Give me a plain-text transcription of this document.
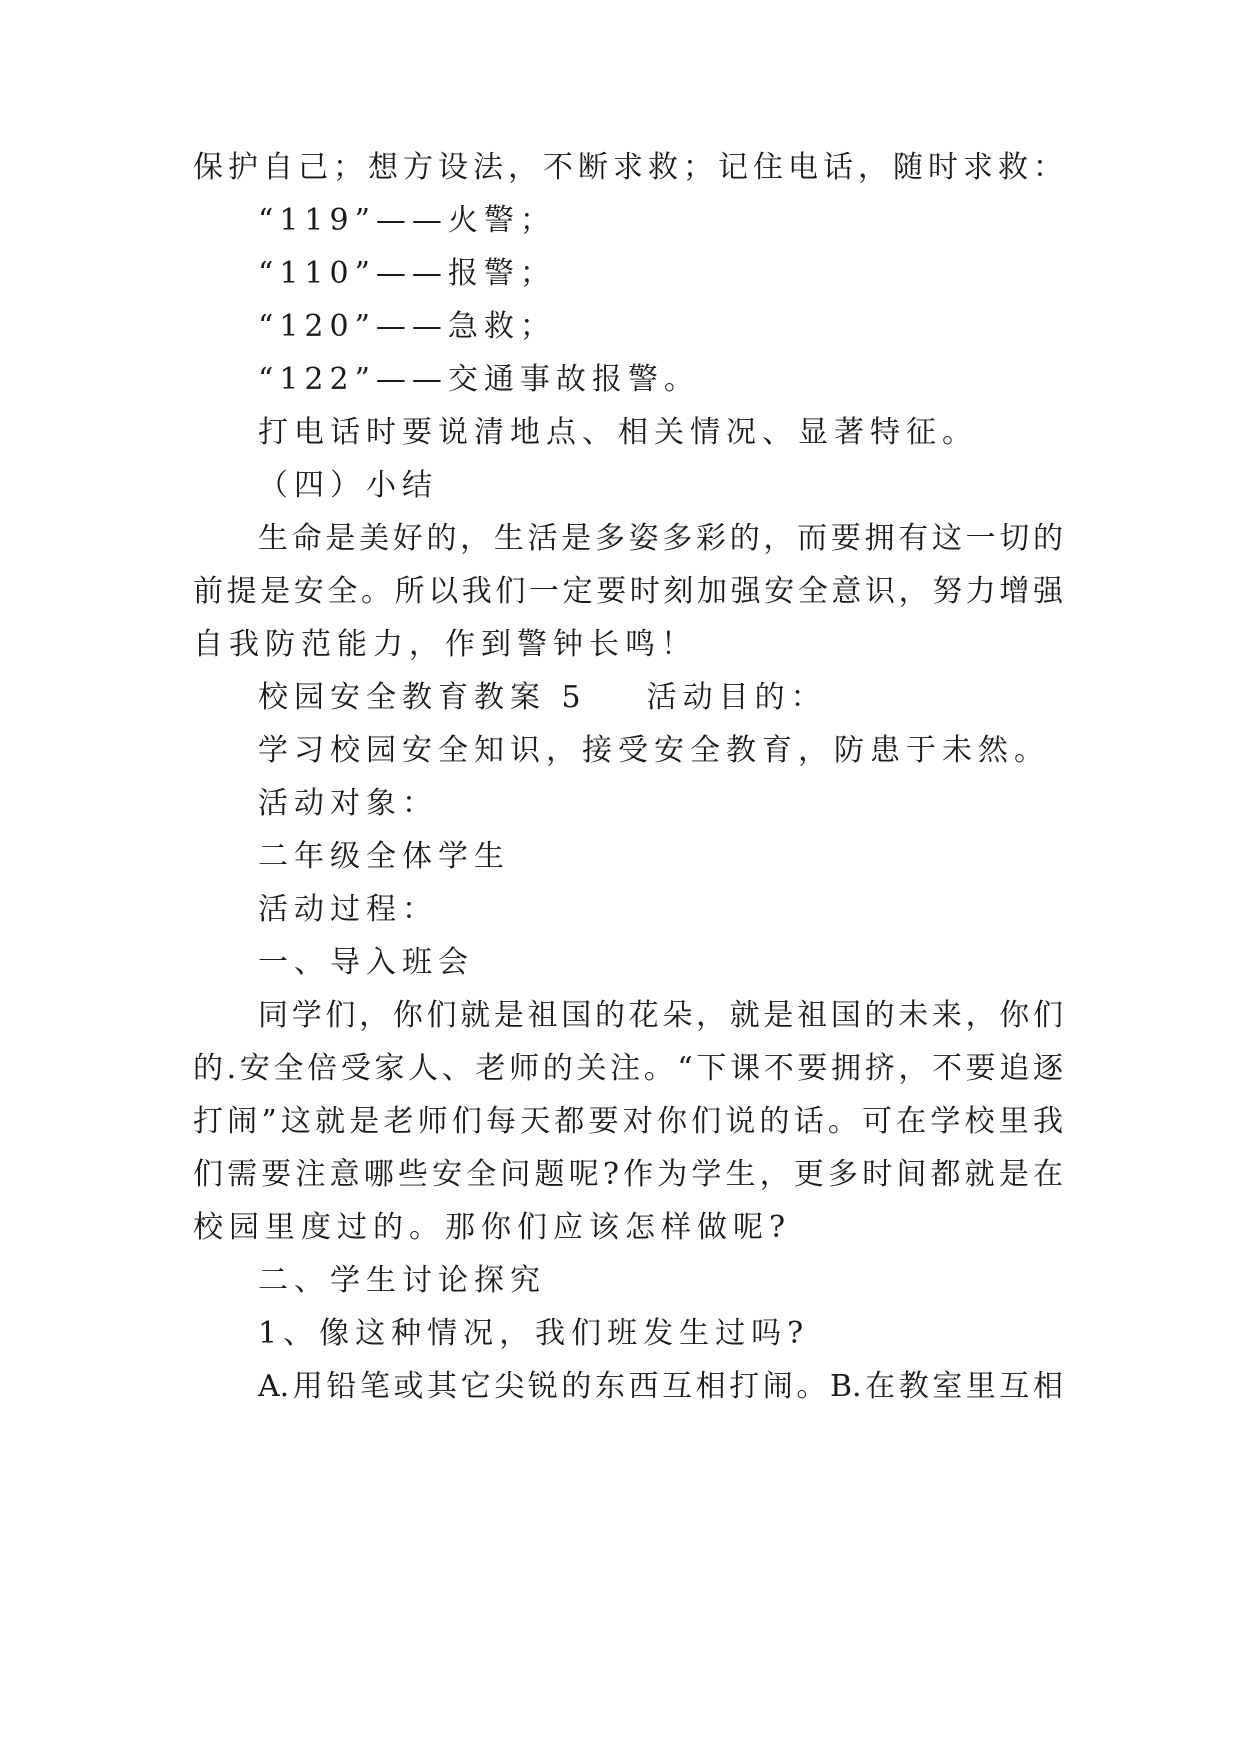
保护自己；想方设法，不断求救；记住电话，随时求救：
“119”——火警；
“110”——报警；
“120”——急救；
“122”——交通事故报警。
打电话时要说清地点、相关情况、显著特征。
（四）小结
生命是美好的，生活是多姿多彩的，而要拥有这一切的
前提是安全。所以我们一定要时刻加强安全意识，努力增强
自我防范能力，作到警钟长鸣！
校园安全教育教案 5 活动目的：
学习校园安全知识，接受安全教育，防患于未然。
活动对象：
二年级全体学生
活动过程：
一、导入班会
同学们，你们就是祖国的花朵，就是祖国的未来，你们
的.安全倍受家人、老师的关注。“下课不要拥挤，不要追逐
打闹”这就是老师们每天都要对你们说的话。可在学校里我
们需要注意哪些安全问题呢?作为学生，更多时间都就是在
校园里度过的。那你们应该怎样做呢?
二、学生讨论探究
1、像这种情况，我们班发生过吗?
A.用铅笔或其它尖锐的东西互相打闹。B.在教室里互相
